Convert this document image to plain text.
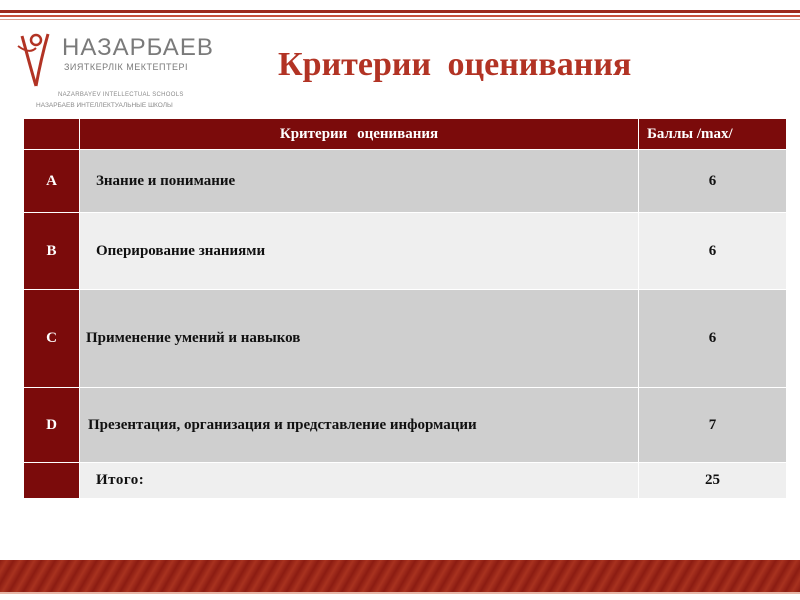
НАЗАРБАЕВ
ЗИЯТКЕРЛІК МЕКТЕПТЕРІ
NAZARBAYEV INTELLECTUAL SCHOOLS
НАЗАРБАЕВ ИНТЕЛЛЕКТУАЛЬНЫЕ ШКОЛЫ
Критерии оценивания
	Критерии оценивания	Баллы /max/
A	Знание и понимание	6
B	Оперирование знаниями	6
C	Применение умений и навыков	6
D	Презентация, организация и представление информации	7
	Итого:	25
